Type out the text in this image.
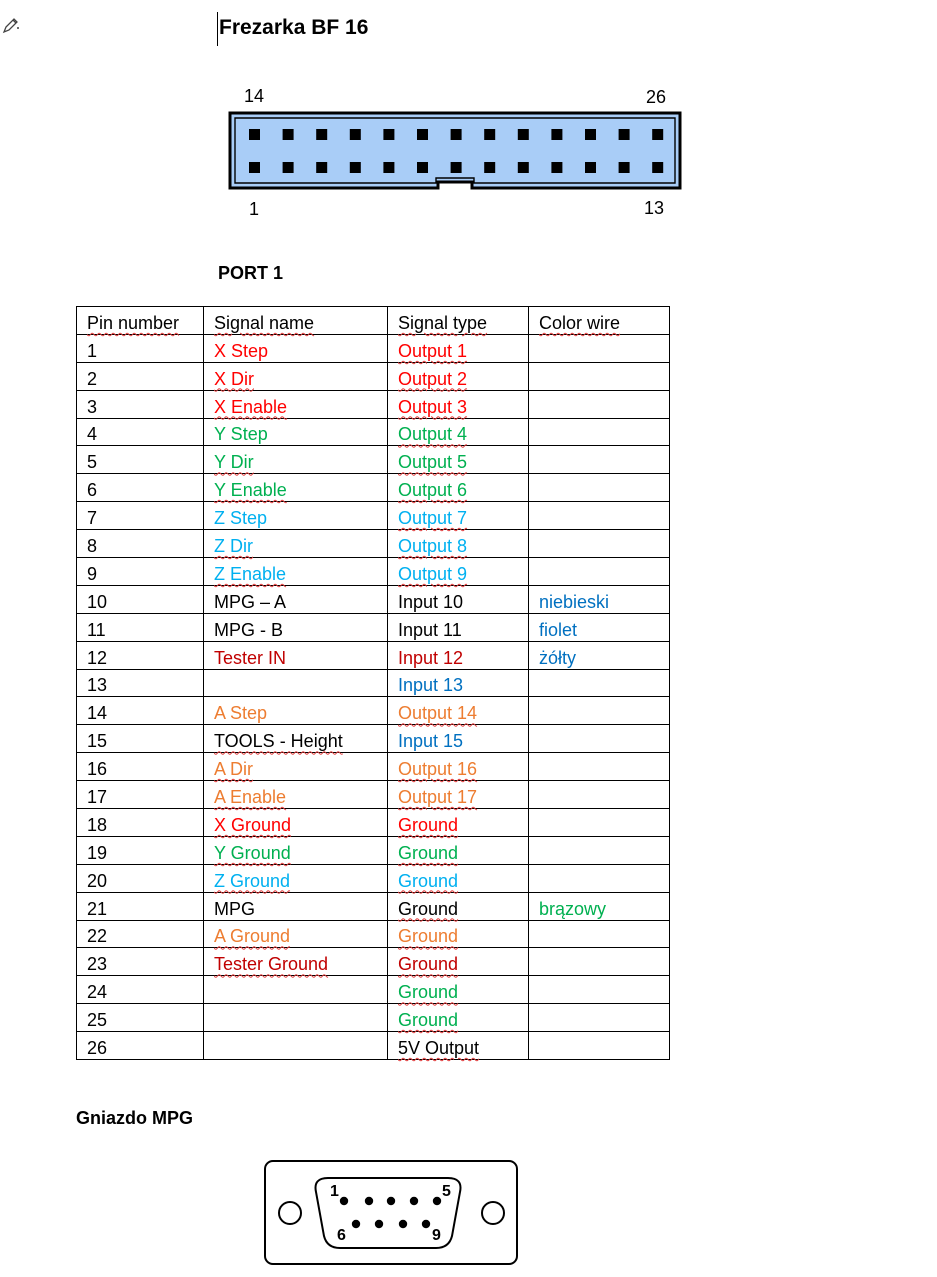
Frezarka BF 16
14	26
1	13
PORT 1
Pin number	Signal name	Signal type	Color wire
1	X Step	Output 1	
2	X Dir	Output 2	
3	X Enable	Output 3	
4	Y Step	Output 4	
5	Y Dir	Output 5	
6	Y Enable	Output 6	
7	Z Step	Output 7	
8	Z Dir	Output 8	
9	Z Enable	Output 9	
10	MPG – A	Input 10	niebieski
11	MPG - B	Input 11	fiolet
12	Tester IN	Input 12	żółty
13		Input 13	
14	A Step	Output 14	
15	TOOLS - Height	Input 15	
16	A Dir	Output 16	
17	A Enable	Output 17	
18	X Ground	Ground	
19	Y Ground	Ground	
20	Z Ground	Ground	
21	MPG	Ground	brązowy
22	A Ground	Ground	
23	Tester Ground	Ground	
24		Ground	
25		Ground	
26		5V Output	
Gniazdo MPG
1	5
6	9
